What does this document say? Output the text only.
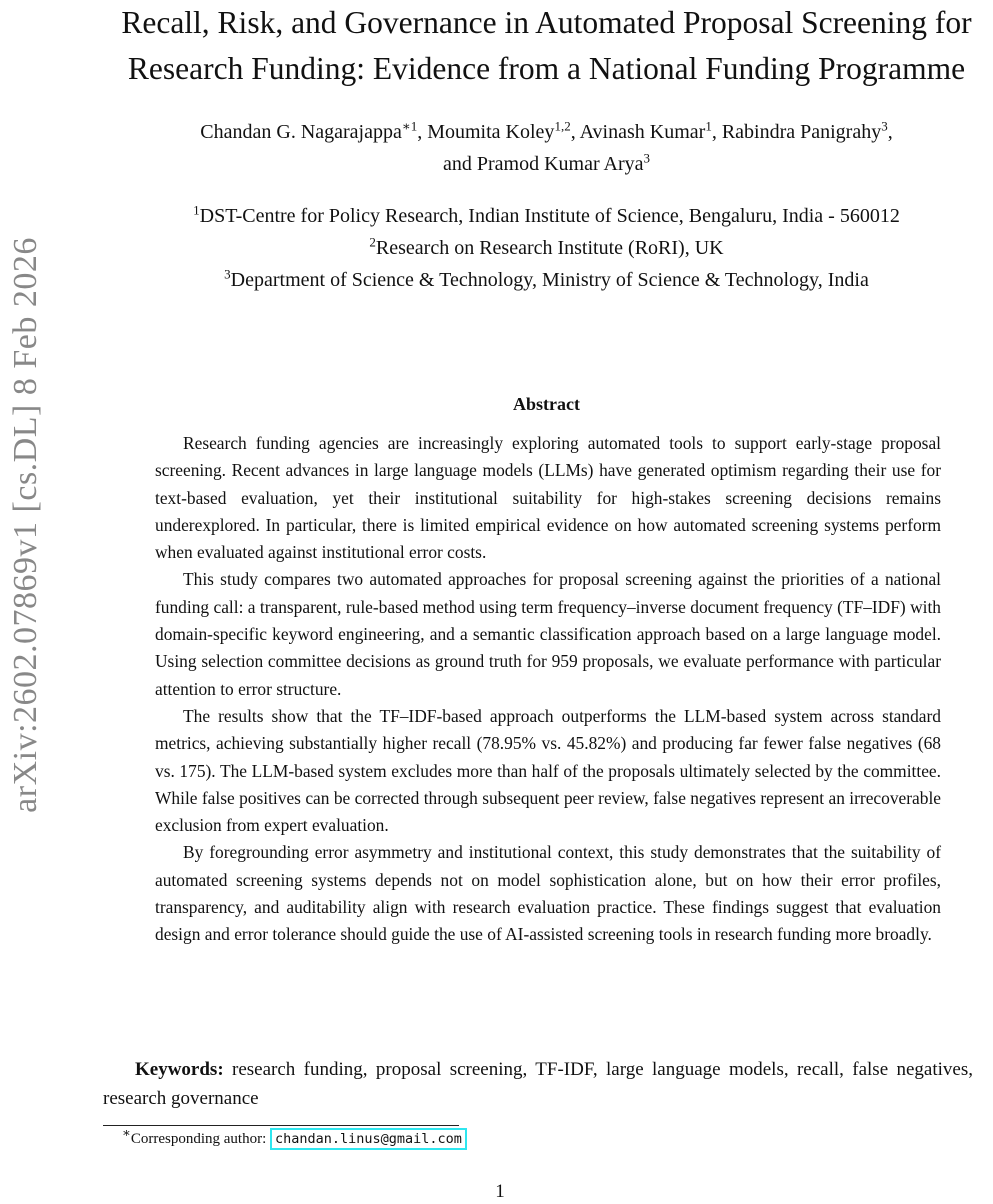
arXiv:2602.07869v1 [cs.DL] 8 Feb 2026
Recall, Risk, and Governance in Automated Proposal Screening for
Research Funding: Evidence from a National Funding Programme
Chandan G. Nagarajappa$^{∗1}$, Moumita Koley$^{1,2}$, Avinash Kumar$^1$, Rabindra Panigrahy$^3$,
and Pramod Kumar Arya$^3$
$^1$DST-Centre for Policy Research, Indian Institute of Science, Bengaluru, India - 560012
$^2$Research on Research Institute (RoRI), UK
$^3$Department of Science & Technology, Ministry of Science & Technology, India
Abstract

Research funding agencies are increasingly exploring automated tools to support early-stage proposal screening. Recent advances in large language models (LLMs) have generated optimism regarding their use for text-based evaluation, yet their institutional suitability for high-stakes screening decisions remains underexplored. In particular, there is limited empirical evidence on how automated screening systems perform when evaluated against institutional error costs.

This study compares two automated approaches for proposal screening against the priorities of a national funding call: a transparent, rule-based method using term frequency–inverse document frequency (TF–IDF) with domain-specific keyword engineering, and a semantic classification approach based on a large language model. Using selection committee decisions as ground truth for 959 proposals, we evaluate performance with particular attention to error structure.

The results show that the TF–IDF-based approach outperforms the LLM-based system across standard metrics, achieving substantially higher recall (78.95% vs. 45.82%) and producing far fewer false negatives (68 vs. 175). The LLM-based system excludes more than half of the proposals ultimately selected by the committee. While false positives can be corrected through subsequent peer review, false negatives represent an irrecoverable exclusion from expert evaluation.

By foregrounding error asymmetry and institutional context, this study demonstrates that the suitability of automated screening systems depends not on model sophistication alone, but on how their error profiles, transparency, and auditability align with research evaluation practice. These findings suggest that evaluation design and error tolerance should guide the use of AI-assisted screening tools in research funding more broadly.

Keywords: research funding, proposal screening, TF-IDF, large language models, recall, false negatives, research governance
∗Corresponding author: chandan.linus@gmail.com
1
